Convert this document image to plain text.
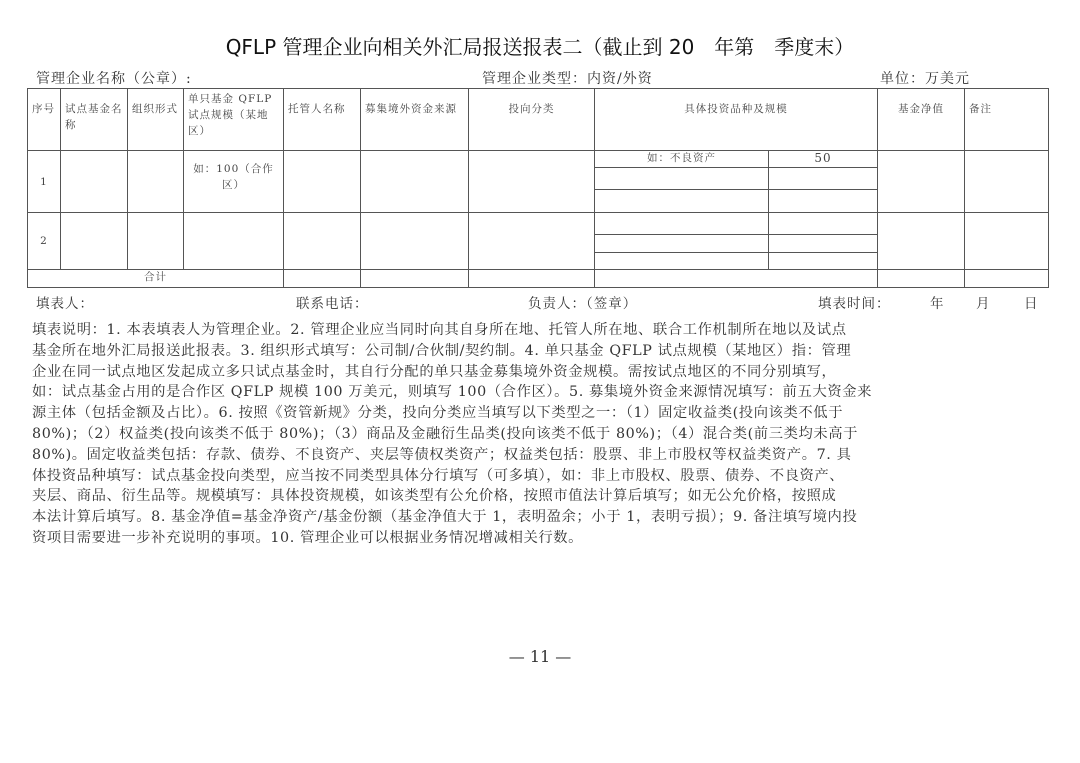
QFLP 管理企业向相关外汇局报送报表二（截止到 20　年第　季度末）
管理企业名称（公章）:	管理企业类型：内资/外资	单位：万美元
序号	试点基金名称	组织形式	单只基金 QFLP 试点规模（某地区）	托管人名称	募集境外资金来源	投向分类	具体投资品种及规模		基金净值	备注
1			如：100（合作区）				如：不良资产	50		

2										

合计										
填表人：	联系电话：	负责人：（签章）	填表时间：	年 月 日
填表说明：1. 本表填表人为管理企业。2. 管理企业应当同时向其自身所在地、托管人所在地、联合工作机制所在地以及试点
基金所在地外汇局报送此报表。3. 组织形式填写：公司制/合伙制/契约制。4. 单只基金 QFLP 试点规模（某地区）指：管理
企业在同一试点地区发起成立多只试点基金时，其自行分配的单只基金募集境外资金规模。需按试点地区的不同分别填写，
如：试点基金占用的是合作区 QFLP 规模 100 万美元，则填写 100（合作区）。5. 募集境外资金来源情况填写：前五大资金来
源主体（包括金额及占比）。6. 按照《资管新规》分类，投向分类应当填写以下类型之一：（1）固定收益类(投向该类不低于
80%)；（2）权益类(投向该类不低于 80%)；（3）商品及金融衍生品类(投向该类不低于 80%)；（4）混合类(前三类均未高于
80%)。固定收益类包括：存款、债券、不良资产、夹层等债权类资产；权益类包括：股票、非上市股权等权益类资产。7. 具
体投资品种填写：试点基金投向类型，应当按不同类型具体分行填写（可多填），如：非上市股权、股票、债券、不良资产、
夹层、商品、衍生品等。规模填写：具体投资规模，如该类型有公允价格，按照市值法计算后填写；如无公允价格，按照成
本法计算后填写。8. 基金净值=基金净资产/基金份额（基金净值大于 1，表明盈余；小于 1，表明亏损）；9. 备注填写境内投
资项目需要进一步补充说明的事项。10. 管理企业可以根据业务情况增减相关行数。
— 11 —
